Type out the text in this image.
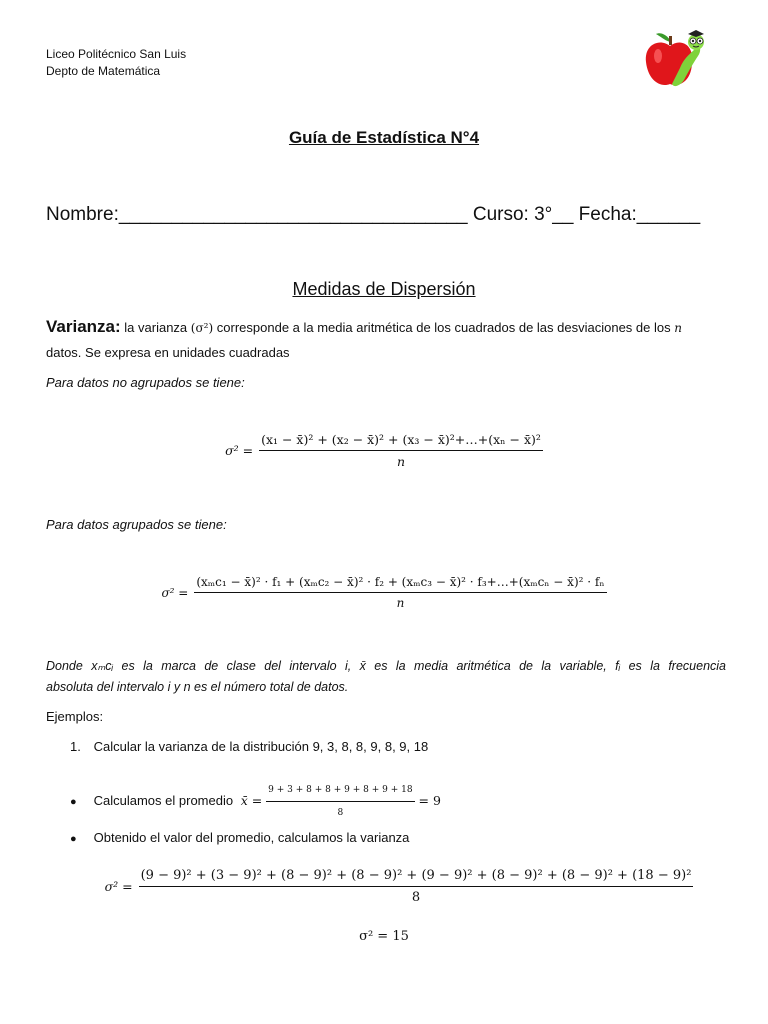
Liceo Politécnico San Luis
Depto de Matemática
Guía de Estadística N°4
Nombre:_________________________________ Curso: 3°__ Fecha:______
Medidas de Dispersión
Varianza: la varianza (σ²) corresponde a la media aritmética de los cuadrados de las desviaciones de los n
datos. Se expresa en unidades cuadradas
Para datos no agrupados se tiene:
$\sigma^2 = \frac{\text{(x₁ − x̄)² + (x₂ − x̄)² + (x₃ − x̄)²+…+(xₙ − x̄)²}}{n}$
Para datos agrupados se tiene:
σ² =
(xₘc₁ − x̄)² · f₁ + (xₘc₂ − x̄)² · f₂ + (xₘc₃ − x̄)² · f₃+…+(xₘcₙ − x̄)² · fₙ
n
Donde xₘcᵢ es la marca de clase del intervalo i, x̄ es la media aritmética de la variable, fᵢ es la frecuencia
absoluta del intervalo i y n es el número total de datos.
Ejemplos:
1. Calcular la varianza de la distribución 9, 3, 8, 8, 9, 8, 9, 18
● Calculamos el promedio x̄ = $\frac{9 + 3 + 8 + 8 + 9 + 8 + 9 + 18}{8} = 9$
● Obtenido el valor del promedio, calculamos la varianza
σ² =
(9 − 9)² + (3 − 9)² + (8 − 9)² + (8 − 9)² + (9 − 9)² + (8 − 9)² + (8 − 9)² + (18 − 9)²
8
σ² = 15
